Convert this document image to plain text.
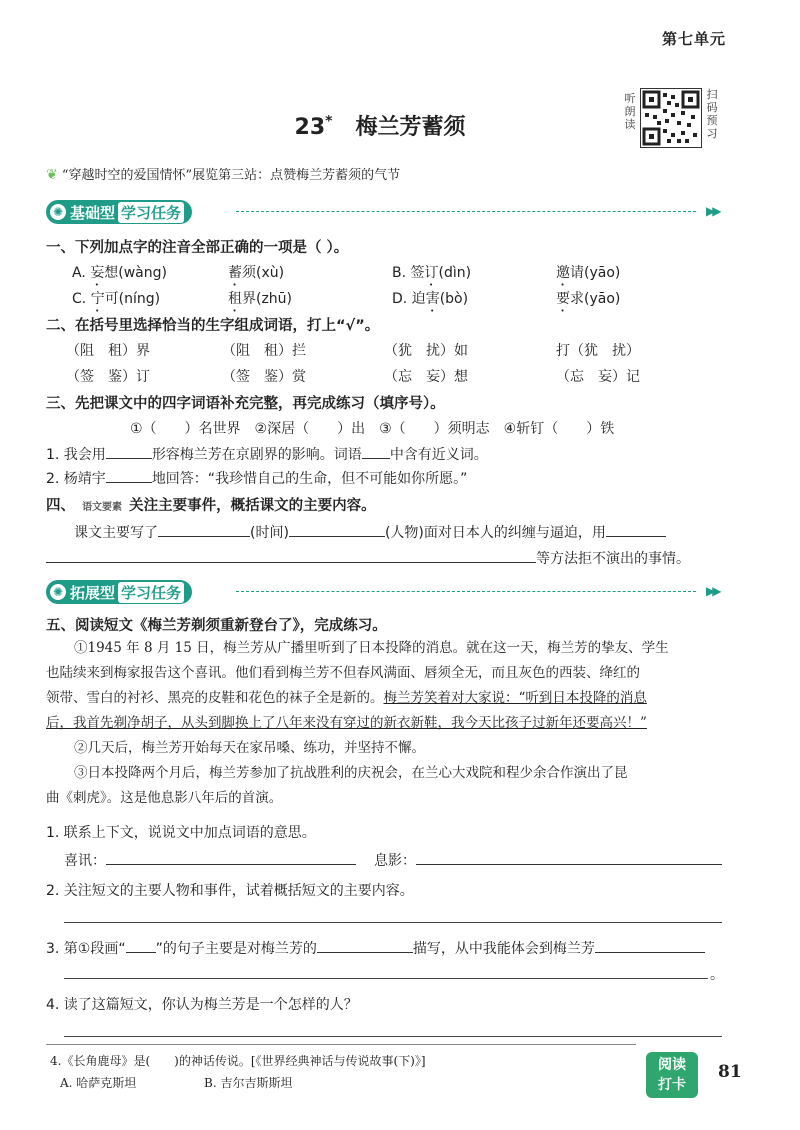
第七单元
23* 梅兰芳蓄须
听朗读
扫码预习
❦ “穿越时空的爱国情怀”展览第三站：点赞梅兰芳蓄须的气节
✺ 基础型 学习任务	▶▶
一、下列加点字的注音全部正确的一项是（ ）。
A. 妄想(wàng)	蓄须(xù)	B. 签订(dìn)	邀请(yāo)
C. 宁可(níng)	租界(zhū)	D. 迫害(bò)	要求(yāo)
二、在括号里选择恰当的生字组成词语，打上“√”。
（阻　租）界	（阻　租）拦	（犹　扰）如	打（犹　扰）
（签　鉴）订	（签　鉴）赏	（忘　妄）想	（忘　妄）记
三、先把课文中的四字词语补充完整，再完成练习（填序号）。
①（　　）名世界　②深居（　　）出　③（　　）须明志　④斩钉（　　）铁
1. 我会用	形容梅兰芳在京剧界的影响。词语 中含有近义词。
2. 杨靖宇	地回答：“我珍惜自己的生命，但不可能如你所愿。”
四、 语文要素 关注主要事件，概括课文的主要内容。
课文主要写了	(时间)	(人物)面对日本人的纠缠与逼迫，用
等方法拒不演出的事情。
✺ 拓展型 学习任务	▶▶
五、阅读短文《梅兰芳剃须重新登台了》，完成练习。
①1945 年 8 月 15 日，梅兰芳从广播里听到了日本投降的消息。就在这一天，梅兰芳的挚友、学生
也陆续来到梅家报告这个喜讯。他们看到梅兰芳不但春风满面、唇须全无，而且灰色的西装、绛红的
领带、雪白的衬衫、黑亮的皮鞋和花色的袜子全是新的。梅兰芳笑着对大家说：“听到日本投降的消息
后，我首先剃净胡子，从头到脚换上了八年来没有穿过的新衣新鞋，我今天比孩子过新年还要高兴！”
②几天后，梅兰芳开始每天在家吊嗓、练功，并坚持不懈。
③日本投降两个月后，梅兰芳参加了抗战胜利的庆祝会，在兰心大戏院和程少余合作演出了昆
曲《刺虎》。这是他息影八年后的首演。
1. 联系上下文，说说文中加点词语的意思。
喜讯：	息影：
2. 关注短文的主要人物和事件，试着概括短文的主要内容。
3. 第①段画“ ”的句子主要是对梅兰芳的	描写，从中我能体会到梅兰芳
。
4. 读了这篇短文，你认为梅兰芳是一个怎样的人？
4.《长角鹿母》是(　　)的神话传说。[《世界经典神话与传说故事(下)》]
A. 哈萨克斯坦	B. 吉尔吉斯斯坦
阅读
打卡
81
